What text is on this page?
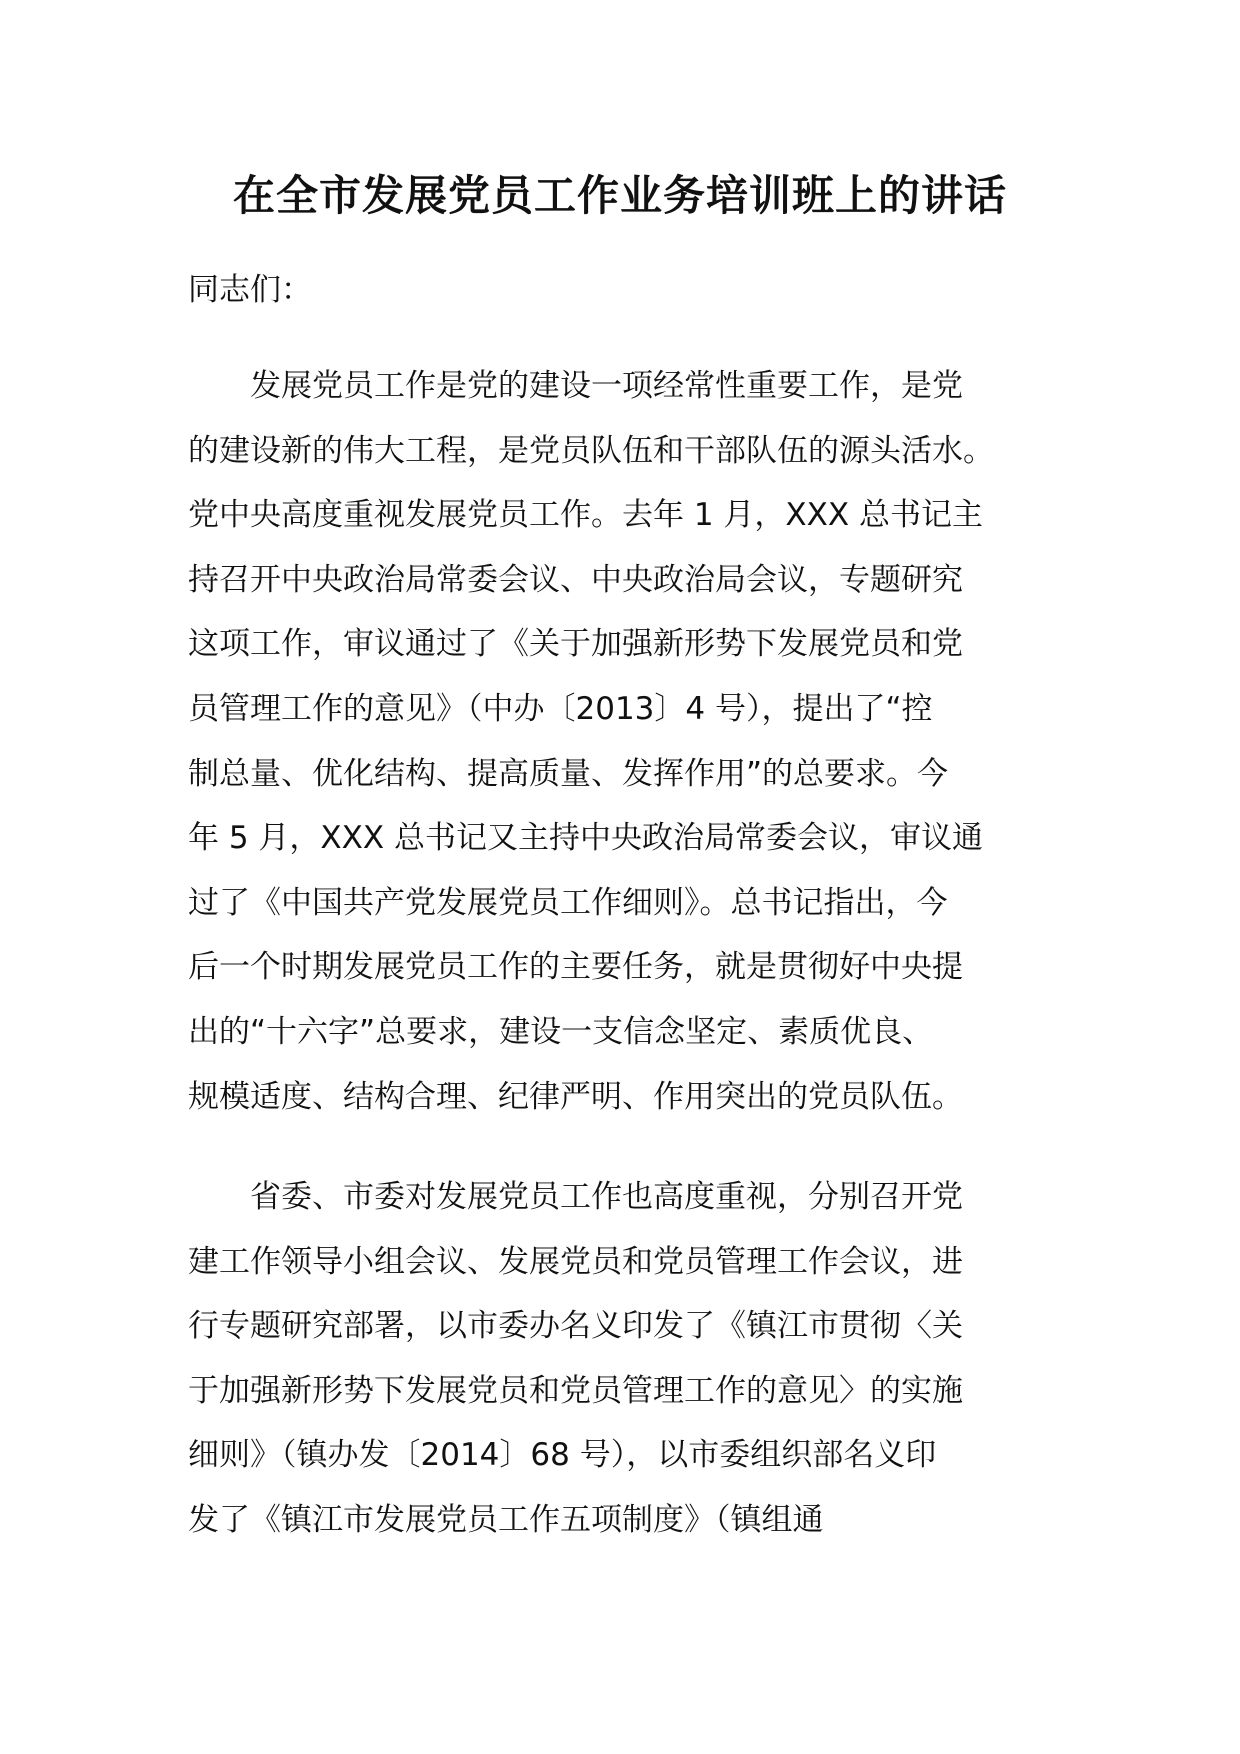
在全市发展党员工作业务培训班上的讲话

同志们：

　　发展党员工作是党的建设一项经常性重要工作，是党
的建设新的伟大工程，是党员队伍和干部队伍的源头活水。
党中央高度重视发展党员工作。去年 1 月，XXX 总书记主
持召开中央政治局常委会议、中央政治局会议，专题研究
这项工作，审议通过了《关于加强新形势下发展党员和党
员管理工作的意见》（中办〔2013〕4 号），提出了“控
制总量、优化结构、提高质量、发挥作用”的总要求。今
年 5 月，XXX 总书记又主持中央政治局常委会议，审议通
过了《中国共产党发展党员工作细则》。总书记指出，今
后一个时期发展党员工作的主要任务，就是贯彻好中央提
出的“十六字”总要求，建设一支信念坚定、素质优良、
规模适度、结构合理、纪律严明、作用突出的党员队伍。
　　省委、市委对发展党员工作也高度重视，分别召开党
建工作领导小组会议、发展党员和党员管理工作会议，进
行专题研究部署，以市委办名义印发了《镇江市贯彻〈关
于加强新形势下发展党员和党员管理工作的意见〉的实施
细则》（镇办发〔2014〕68 号），以市委组织部名义印
发了《镇江市发展党员工作五项制度》（镇组通
